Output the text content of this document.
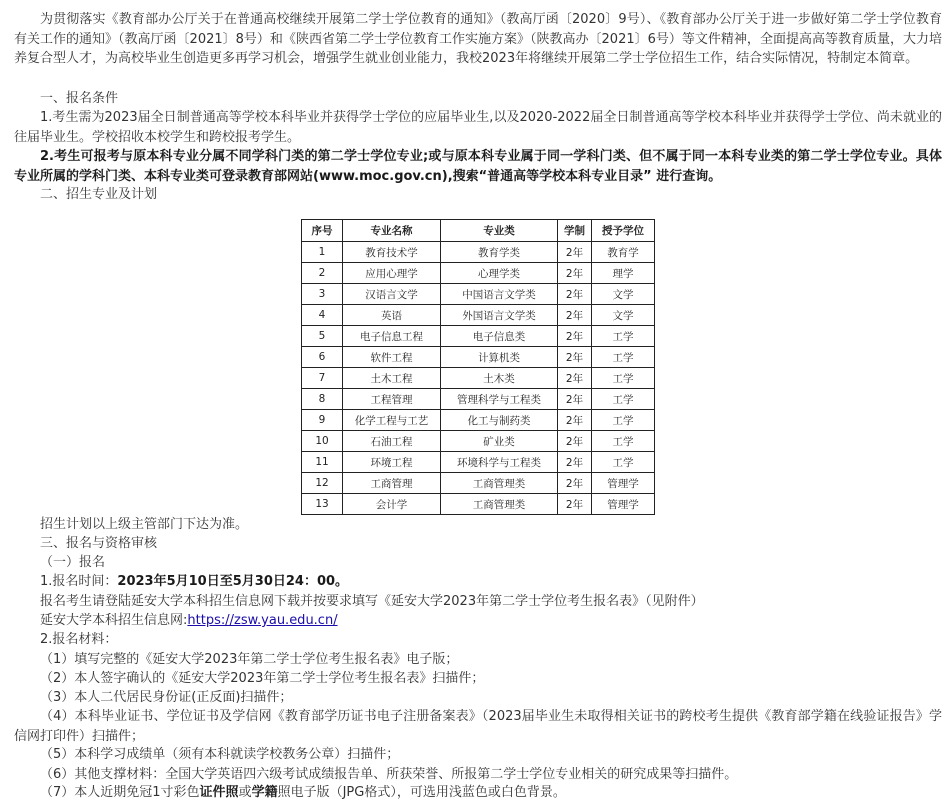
为贯彻落实《教育部办公厅关于在普通高校继续开展第二学士学位教育的通知》（教高厅函〔2020〕9号）、《教育部办公厅关于进一步做好第二学士学位教育有关工作的通知》（教高厅函〔2021〕8号）和《陕西省第二学士学位教育工作实施方案》（陕教高办〔2021〕6号）等文件精神，全面提高高等教育质量，大力培养复合型人才，为高校毕业生创造更多再学习机会，增强学生就业创业能力，我校2023年将继续开展第二学士学位招生工作，结合实际情况，特制定本简章。

一、报名条件

1.考生需为2023届全日制普通高等学校本科毕业并获得学士学位的应届毕业生,以及2020-2022届全日制普通高等学校本科毕业并获得学士学位、尚未就业的往届毕业生。学校招收本校学生和跨校报考学生。

2.考生可报考与原本科专业分属不同学科门类的第二学士学位专业;或与原本科专业属于同一学科门类、但不属于同一本科专业类的第二学士学位专业。具体专业所属的学科门类、本科专业类可登录教育部网站(www.moc.gov.cn),搜索“普通高等学校本科专业目录” 进行查询。

二、招生专业及计划

序号	专业名称	专业类	学制	授予学位
1	教育技术学	教育学类	2年	教育学
2	应用心理学	心理学类	2年	理学
3	汉语言文学	中国语言文学类	2年	文学
4	英语	外国语言文学类	2年	文学
5	电子信息工程	电子信息类	2年	工学
6	软件工程	计算机类	2年	工学
7	土木工程	土木类	2年	工学
8	工程管理	管理科学与工程类	2年	工学
9	化学工程与工艺	化工与制药类	2年	工学
10	石油工程	矿业类	2年	工学
11	环境工程	环境科学与工程类	2年	工学
12	工商管理	工商管理类	2年	管理学
13	会计学	工商管理类	2年	管理学

招生计划以上级主管部门下达为准。

三、报名与资格审核

（一）报名

1.报名时间：2023年5月10日至5月30日24：00。

报名考生请登陆延安大学本科招生信息网下载并按要求填写《延安大学2023年第二学士学位考生报名表》（见附件）

延安大学本科招生信息网:https://zsw.yau.edu.cn/

2.报名材料：

（1）填写完整的《延安大学2023年第二学士学位考生报名表》电子版；

（2）本人签字确认的《延安大学2023年第二学士学位考生报名表》扫描件；

（3）本人二代居民身份证(正反面)扫描件；

（4）本科毕业证书、学位证书及学信网《教育部学历证书电子注册备案表》（2023届毕业生未取得相关证书的跨校考生提供《教育部学籍在线验证报告》学信网打印件）扫描件；

（5）本科学习成绩单（须有本科就读学校教务公章）扫描件；

（6）其他支撑材料：全国大学英语四六级考试成绩报告单、所获荣誉、所报第二学士学位专业相关的研究成果等扫描件。

（7）本人近期免冠1寸彩色证件照或学籍照电子版（JPG格式），可选用浅蓝色或白色背景。
